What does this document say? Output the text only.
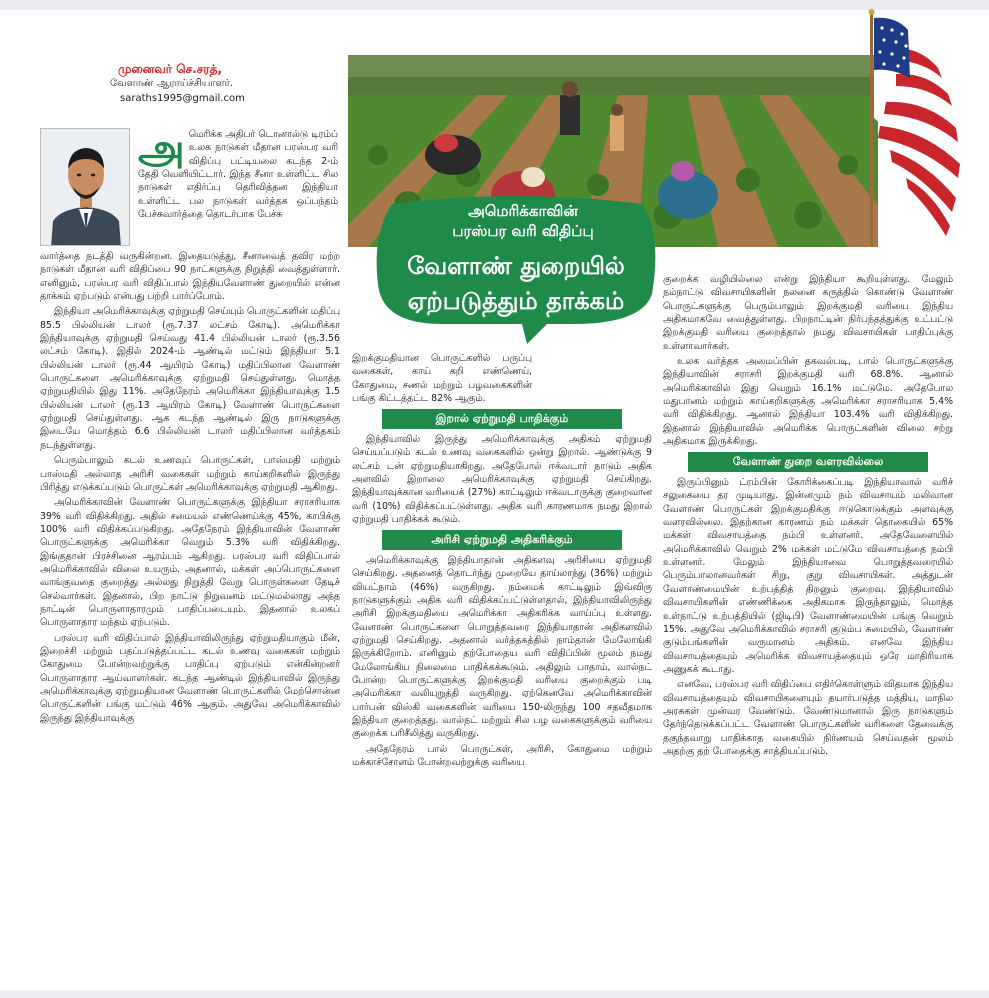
முனைவர் செ.சரத்,
வேளாண் ஆராய்ச்சியாளர்.
saraths1995@gmail.com
அ மெரிக்க அதிபர் டொனால்டு டிரம்ப் உலக நாடுகள் மீதான பரஸ்பர வரி விதிப்பு பட்டியலை கடந்த 2-ம் தேதி வெளியிட்டார். இந்த சீனா உள்ளிட்ட சில நாடுகள் எதிர்ப்பு தெரிவித்தன இந்தியா உள்ளிட்ட பல நாடுகள் வர்த்தக ஒப்பந்தம் பேச்சுவார்த்தை தொடர்பாக பேச்சு

வார்த்தை நடத்தி வருகின்றன. இதையடுத்து, சீனாவைத் தவிர மற்ற நாடுகள் மீதான வரி விதிப்பை 90 நாட்களுக்கு நிறுத்தி வைத்துள்ளார். எனினும், பரஸ்பர வரி விதிப்பால் இந்தியவேளாண் துறையில் என்ன தாக்கம் ஏற்படும் என்பது பற்றி பார்ப்போம்.

இந்தியா அமெரிக்காவுக்கு ஏற்றுமதி செய்யும் பொருட்களின் மதிப்பு 85.5 பில்லியன் டாலர் (ரூ.7.37 லட்சம் கோடி). அமெரிக்கா இந்தியாவுக்கு ஏற்றுமதி செய்வது 41.4 பில்லியன் டாலர் (ரூ.3.56 லட்சம் கோடி). இதில் 2024-ம் ஆண்டில் மட்டும் இந்தியா 5.1 பில்லியன் டாலர் (ரூ.44 ஆயிரம் கோடி) மதிப்பிலான வேளாண் பொருட்களை அமெரிக்காவுக்கு ஏற்றுமதி செய்துள்ளது. மொத்த ஏற்றுமதியில் இது 11%. அதேநேரம் அமெரிக்கா இந்தியாவுக்கு 1.5 பில்லியன் டாலர் (ரூ.13 ஆயிரம் கோடி) வேளாண் பொருட்களை ஏற்றுமதி செய்துள்ளது. ஆக கடந்த ஆண்டில் இரு நாடுகளுக்கு இடையே மொத்தம் 6.6 பில்லியன் டாலர் மதிப்பிலான வர்த்தகம் நடந்துள்ளது.

பெரும்பாலும் கடல் உணவுப் பொருட்கள், பாஸ்மதி மற்றும் பாஸ்மதி அல்லாத அரிசி வகைகள் மற்றும் காய்கறிகளில் இருந்து பிரித்து எடுக்கப்படும் பொருட்கள் அமெரிக்காவுக்கு ஏற்றுமதி ஆகிறது.

அமெரிக்காவின் வேளாண் பொருட்களுக்கு இந்தியா சராசரியாக 39% வரி விதிக்கிறது. அதில் சமையல் எண்ணெய்க்கு 45%, காபிக்கு 100% வரி விதிக்கப்படுகிறது. அதேநேரம் இந்தியாவின் வேளாண் பொருட்களுக்கு அமெரிக்கா வெறும் 5.3% வரி விதிக்கிறது. இங்குதான் பிரச்சினை ஆரம்பம் ஆகிறது. பரஸ்பர வரி விதிப்பால் அமெரிக்காவில் விலை உயரும். அதனால், மக்கள் அப்பொருட்களை வாங்குவதை குறைத்து அல்லது நிறுத்தி வேறு பொருள்களை தேடிச் செல்வார்கள். இதனால், பிற நாட்டு நிறுவனம் மட்டுமல்லாது அந்த நாட்டின் பொருளாதாரமும் பாதிப்படையும். இதனால் உலகப் பொருளாதார மந்தம் ஏற்படும்.

பரஸ்பர வரி விதிப்பால் இந்தியாவிலிருந்து ஏற்றுமதியாகும் மீன், இறைச்சி மற்றும் பதப்படுத்தப்பட்ட கடல் உணவு வகைகள் மற்றும் கோதுமை போன்றவற்றுக்கு பாதிப்பு ஏற்படும் என்கின்றனர் பொருளாதார ஆய்வாளர்கள். கடந்த ஆண்டில் இந்தியாவில் இருந்து அமெரிக்காவுக்கு ஏற்றுமதியான வேளாண் பொருட்களில் மேற்சொன்ன பொருட்களின் பங்கு மட்டும் 46% ஆகும். அதுவே அமெரிக்காவில் இருந்து இந்தியாவுக்கு

அமெரிக்காவின்
பரஸ்பர வரி விதிப்பு
வேளாண் துறையில்
ஏற்படுத்தும் தாக்கம்

இறக்குமதியான பொருட்களில் பருப்பு வகைகள், காய் கறி எண்ணெய், கோதுமை, சணல் மற்றும் பழவகைகளின் பங்கு கிட்டத்தட்ட 82% ஆகும்.

இறால் ஏற்றுமதி பாதிக்கும்

இந்தியாவில் இருந்து அமெரிக்காவுக்கு அதிகம் ஏற்றுமதி செய்யப்படும் கடல் உணவு வகைகளில் ஒன்று இறால். ஆண்டுக்கு 9 லட்சம் டன் ஏற்றுமதியாகிறது. அதேபோல் ஈக்வடார் நாடும் அதிக அளவில் இறாலை அமெரிக்காவுக்கு ஏற்றுமதி செய்கிறது. இந்தியாவுக்கான வரியைக் (27%) காட்டிலும் ஈக்வடாருக்கு குறைவான வரி (10%) விதிக்கப்பட்டுள்ளது. அதிக வரி காரணமாக நமது இறால் ஏற்றுமதி பாதிக்கக் கூடும்.

அரிசி ஏற்றுமதி அதிகரிக்கும்

அமெரிக்காவுக்கு இந்தியாதான் அதிகளவு அரிசியை ஏற்றுமதி செய்கிறது. அதனைத் தொடர்ந்து முறையே தாய்லாந்து (36%) மற்றும் வியட்நாம் (46%) வருகிறது. நம்மைக் காட்டிலும் இவ்விரு நாடுகளுக்கும் அதிக வரி விதிக்கப்பட்டுள்ளதால், இந்தியாவிலிருந்து அரிசி இறக்குமதியை அமெரிக்கா அதிகரிக்க வாய்ப்பு உள்ளது. வேளாண் பொருட்களை பொறுத்தவரை இந்தியாதான் அதிகளவில் ஏற்றுமதி செய்கிறது. அதனால் வர்த்தகத்தில் நாம்தான் மேலோங்கி இருக்கிறோம். எனினும் தற்போதைய வரி விதிப்பின் மூலம் நமது மேலோங்கிய நிலைமை பாதிக்கக்கூடும். அதிலும் பாதாம், வால்நட் போன்ற பொருட்களுக்கு இறக்குமதி வரியை குறைக்கும் படி அமெரிக்கா வலியுறுத்தி வருகிறது. ஏற்கெனவே அமெரிக்காவின் பார்பன் விஸ்கி வகைகளின் வரியை 150-லிருந்து 100 சதவீதமாக இந்தியா குறைத்தது. வால்நட் மற்றும் சில பழ வகைகளுக்கும் வரியை குறைக்க பரிசீலித்து வருகிறது.

அதேநேரம் பால் பொருட்கள், அரிசி, கோதுமை மற்றும் மக்காச்சோளம் போன்றவற்றுக்கு வரியை

குறைக்க வழியில்லை என்று இந்தியா கூறியுள்ளது. மேலும் நம்நாட்டு விவசாயிகளின் நலனை கருத்தில் கொண்டு வேளாண் பொருட்களுக்கு பெரும்பாலும் இறக்குமதி வரியை இந்திய அதிகமாகவே வைத்துள்ளது. பிறநாட்டின் நிர்பந்தத்துக்கு உட்பட்டு இறக்குமதி வரியை குறைத்தால் நமது விவசாயிகள் பாதிப்புக்கு உள்ளாவார்கள்.

உலக வர்த்தக அமைப்பின் தகவல்படி, பால் பொருட்களுக்கு இந்தியாவின் சராசரி இறக்குமதி வரி 68.8%. ஆனால் அமெரிக்காவில் இது வெறும் 16.1% மட்டுமே. அதேபோல மதுபானம் மற்றும் காய்கறிகளுக்கு அமெரிக்கா சராசரியாக 5.4% வரி விதிக்கிறது. ஆனால் இந்தியா 103.4% வரி விதிக்கிறது. இதனால் இந்தியாவில் அமெரிக்க பொருட்களின் விலை சற்று அதிகமாக இருக்கிறது.

வேளாண் துறை வளரவில்லை

இருப்பினும் ட்ரம்பின் கோரிக்கைப்படி இந்தியாவால் வரிச் சலுகையை தர முடியாது. இன்னமும் நம் விவசாயம் மலிவான வேளாண் பொருட்கள் இறக்குமதிக்கு ஈடுகொடுக்கும் அளவுக்கு வளரவில்லை. இதற்கான காரணம் நம் மக்கள் தொகையில் 65% மக்கள் விவசாயத்தை நம்பி உள்ளனர். அதேவேளையில் அமெரிக்காவில் வெறும் 2% மக்கள் மட்டுமே விவசாயத்தை நம்பி உள்ளனர். மேலும் இந்தியாவை பொறுத்தவரையில் பெரும்பாலானவர்கள் சிறு, குறு விவசாயிகள். அத்துடன் வேளாண்மையின் உற்பத்தித் திறனும் குறைவு. இந்தியாவில் விவசாயிகளின் எண்ணிக்கை அதிகமாக இருந்தாலும், மொத்த உள்நாட்டு உற்பத்தியில் (ஜிடிபி) வேளாண்மையின் பங்கு வெறும் 15%. அதுவே அமெரிக்காவில் சராசரி குடும்ப சுமையில், வேளாண் குடும்பங்களின் வருமானம் அதிகம். எனவே இந்திய விவசாயத்தையும் அமெரிக்க விவசாயத்தையும் ஒரே மாதிரியாக அணுகக் கூடாது.

எனவே, பரஸ்பர வரி விதிப்பை எதிர்கொள்ளும் விதமாக இந்திய விவசாயத்தையும் விவசாயிகளையும் தயார்படுத்த மத்திய, மாநில அரசுகள் முன்வர வேண்டும். வேண்டுமானால் இரு நாடுகளும் தேர்ந்தெடுக்கப்பட்ட வேளாண் பொருட்களின் வரிகளை தேவைக்கு தகுந்தவாறு பாதிக்காத வகையில் நிர்ணயம் செய்வதன் மூலம் அதற்கு தற் போதைக்கு சாத்தியப்படும்.
